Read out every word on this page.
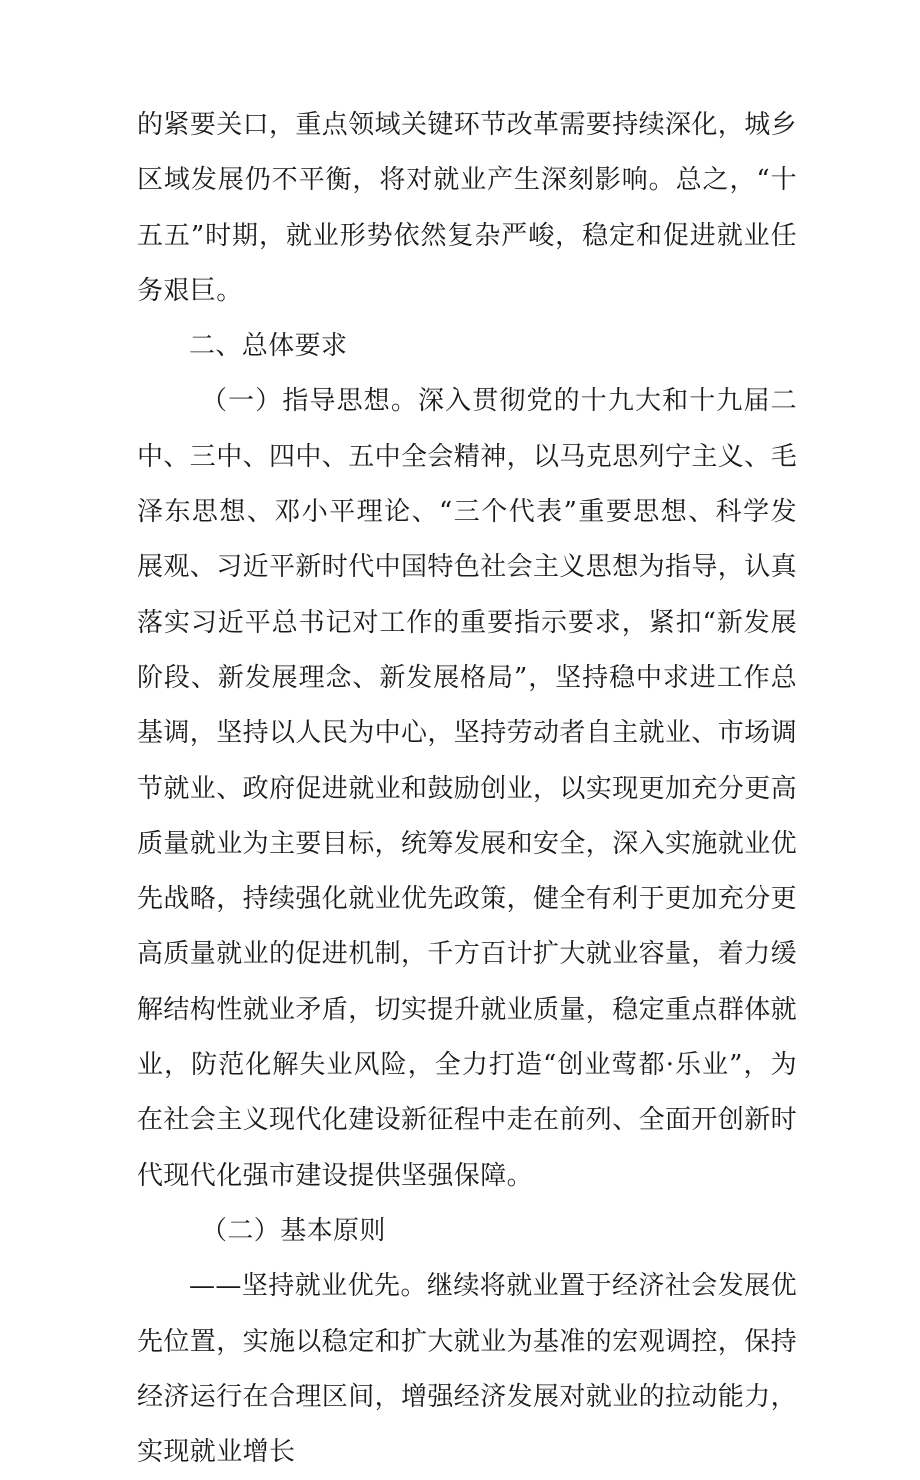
的紧要关口，重点领域关键环节改革需要持续深化，城乡区域发展仍不平衡，将对就业产生深刻影响。总之，“十五五”时期，就业形势依然复杂严峻，稳定和促进就业任务艰巨。

二、总体要求

（一）指导思想。深入贯彻党的十九大和十九届二中、三中、四中、五中全会精神，以马克思列宁主义、毛泽东思想、邓小平理论、“三个代表”重要思想、科学发展观、习近平新时代中国特色社会主义思想为指导，认真落实习近平总书记对工作的重要指示要求，紧扣“新发展阶段、新发展理念、新发展格局”，坚持稳中求进工作总基调，坚持以人民为中心，坚持劳动者自主就业、市场调节就业、政府促进就业和鼓励创业，以实现更加充分更高质量就业为主要目标，统筹发展和安全，深入实施就业优先战略，持续强化就业优先政策，健全有利于更加充分更高质量就业的促进机制，千方百计扩大就业容量，着力缓解结构性就业矛盾，切实提升就业质量，稳定重点群体就业，防范化解失业风险，全力打造“创业莺都·乐业”，为在社会主义现代化建设新征程中走在前列、全面开创新时代现代化强市建设提供坚强保障。

（二）基本原则

——坚持就业优先。继续将就业置于经济社会发展优先位置，实施以稳定和扩大就业为基准的宏观调控，保持经济运行在合理区间，增强经济发展对就业的拉动能力，实现就业增长
